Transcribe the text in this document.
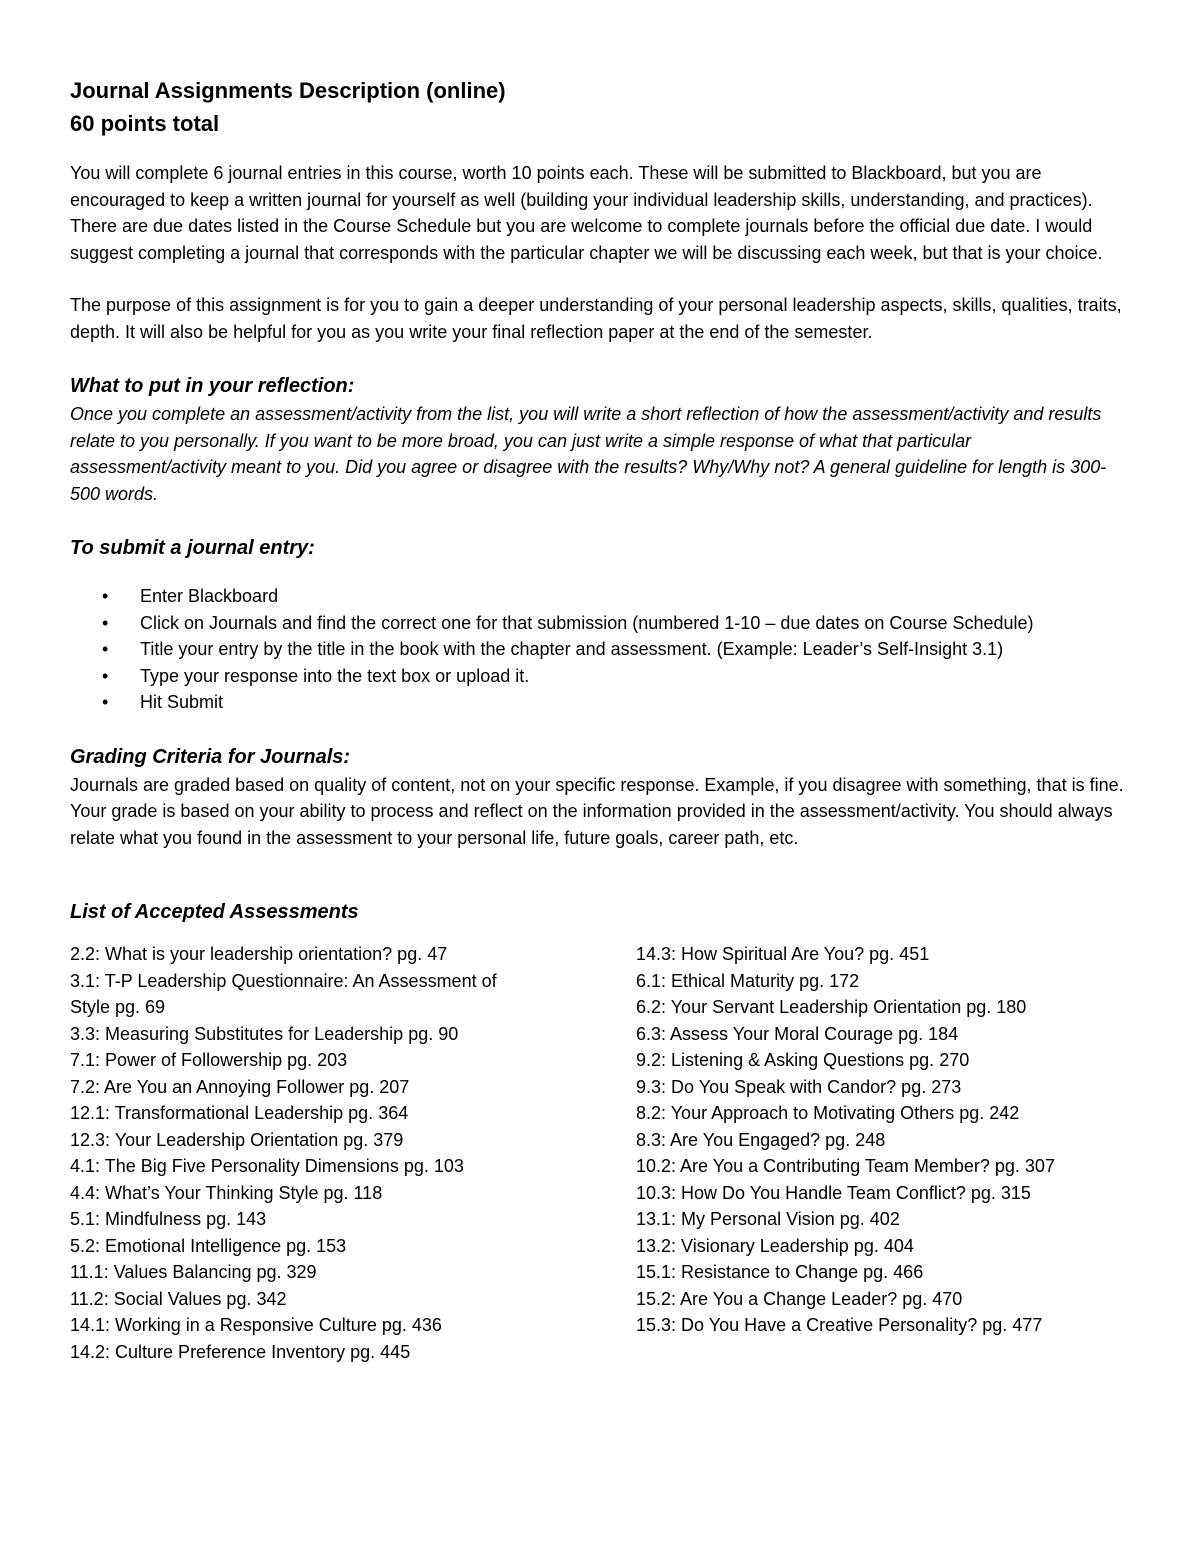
Journal Assignments Description (online)
60 points total

You will complete 6 journal entries in this course, worth 10 points each. These will be submitted to Blackboard, but you are encouraged to keep a written journal for yourself as well (building your individual leadership skills, understanding, and practices). There are due dates listed in the Course Schedule but you are welcome to complete journals before the official due date. I would suggest completing a journal that corresponds with the particular chapter we will be discussing each week, but that is your choice.

The purpose of this assignment is for you to gain a deeper understanding of your personal leadership aspects, skills, qualities, traits, depth. It will also be helpful for you as you write your final reflection paper at the end of the semester.

What to put in your reflection:

Once you complete an assessment/activity from the list, you will write a short reflection of how the assessment/activity and results relate to you personally. If you want to be more broad, you can just write a simple response of what that particular assessment/activity meant to you. Did you agree or disagree with the results? Why/Why not? A general guideline for length is 300-500 words.

To submit a journal entry:
• Enter Blackboard
• Click on Journals and find the correct one for that submission (numbered 1-10 – due dates on Course Schedule)
• Title your entry by the title in the book with the chapter and assessment. (Example: Leader’s Self-Insight 3.1)
• Type your response into the text box or upload it.
• Hit Submit
Grading Criteria for Journals:

Journals are graded based on quality of content, not on your specific response. Example, if you disagree with something, that is fine. Your grade is based on your ability to process and reflect on the information provided in the assessment/activity. You should always relate what you found in the assessment to your personal life, future goals, career path, etc.

List of Accepted Assessments
2.2: What is your leadership orientation? pg. 47
3.1: T-P Leadership Questionnaire: An Assessment of Style pg. 69
3.3: Measuring Substitutes for Leadership pg. 90
7.1: Power of Followership pg. 203
7.2: Are You an Annoying Follower pg. 207
12.1: Transformational Leadership pg. 364
12.3: Your Leadership Orientation pg. 379
4.1: The Big Five Personality Dimensions pg. 103
4.4: What’s Your Thinking Style pg. 118
5.1: Mindfulness pg. 143
5.2: Emotional Intelligence pg. 153
11.1: Values Balancing pg. 329
11.2: Social Values pg. 342
14.1: Working in a Responsive Culture pg. 436
14.2: Culture Preference Inventory pg. 445
14.3: How Spiritual Are You? pg. 451
6.1: Ethical Maturity pg. 172
6.2: Your Servant Leadership Orientation pg. 180
6.3: Assess Your Moral Courage pg. 184
9.2: Listening & Asking Questions pg. 270
9.3: Do You Speak with Candor? pg. 273
8.2: Your Approach to Motivating Others pg. 242
8.3: Are You Engaged? pg. 248
10.2: Are You a Contributing Team Member? pg. 307
10.3: How Do You Handle Team Conflict? pg. 315
13.1: My Personal Vision pg. 402
13.2: Visionary Leadership pg. 404
15.1: Resistance to Change pg. 466
15.2: Are You a Change Leader? pg. 470
15.3: Do You Have a Creative Personality? pg. 477
